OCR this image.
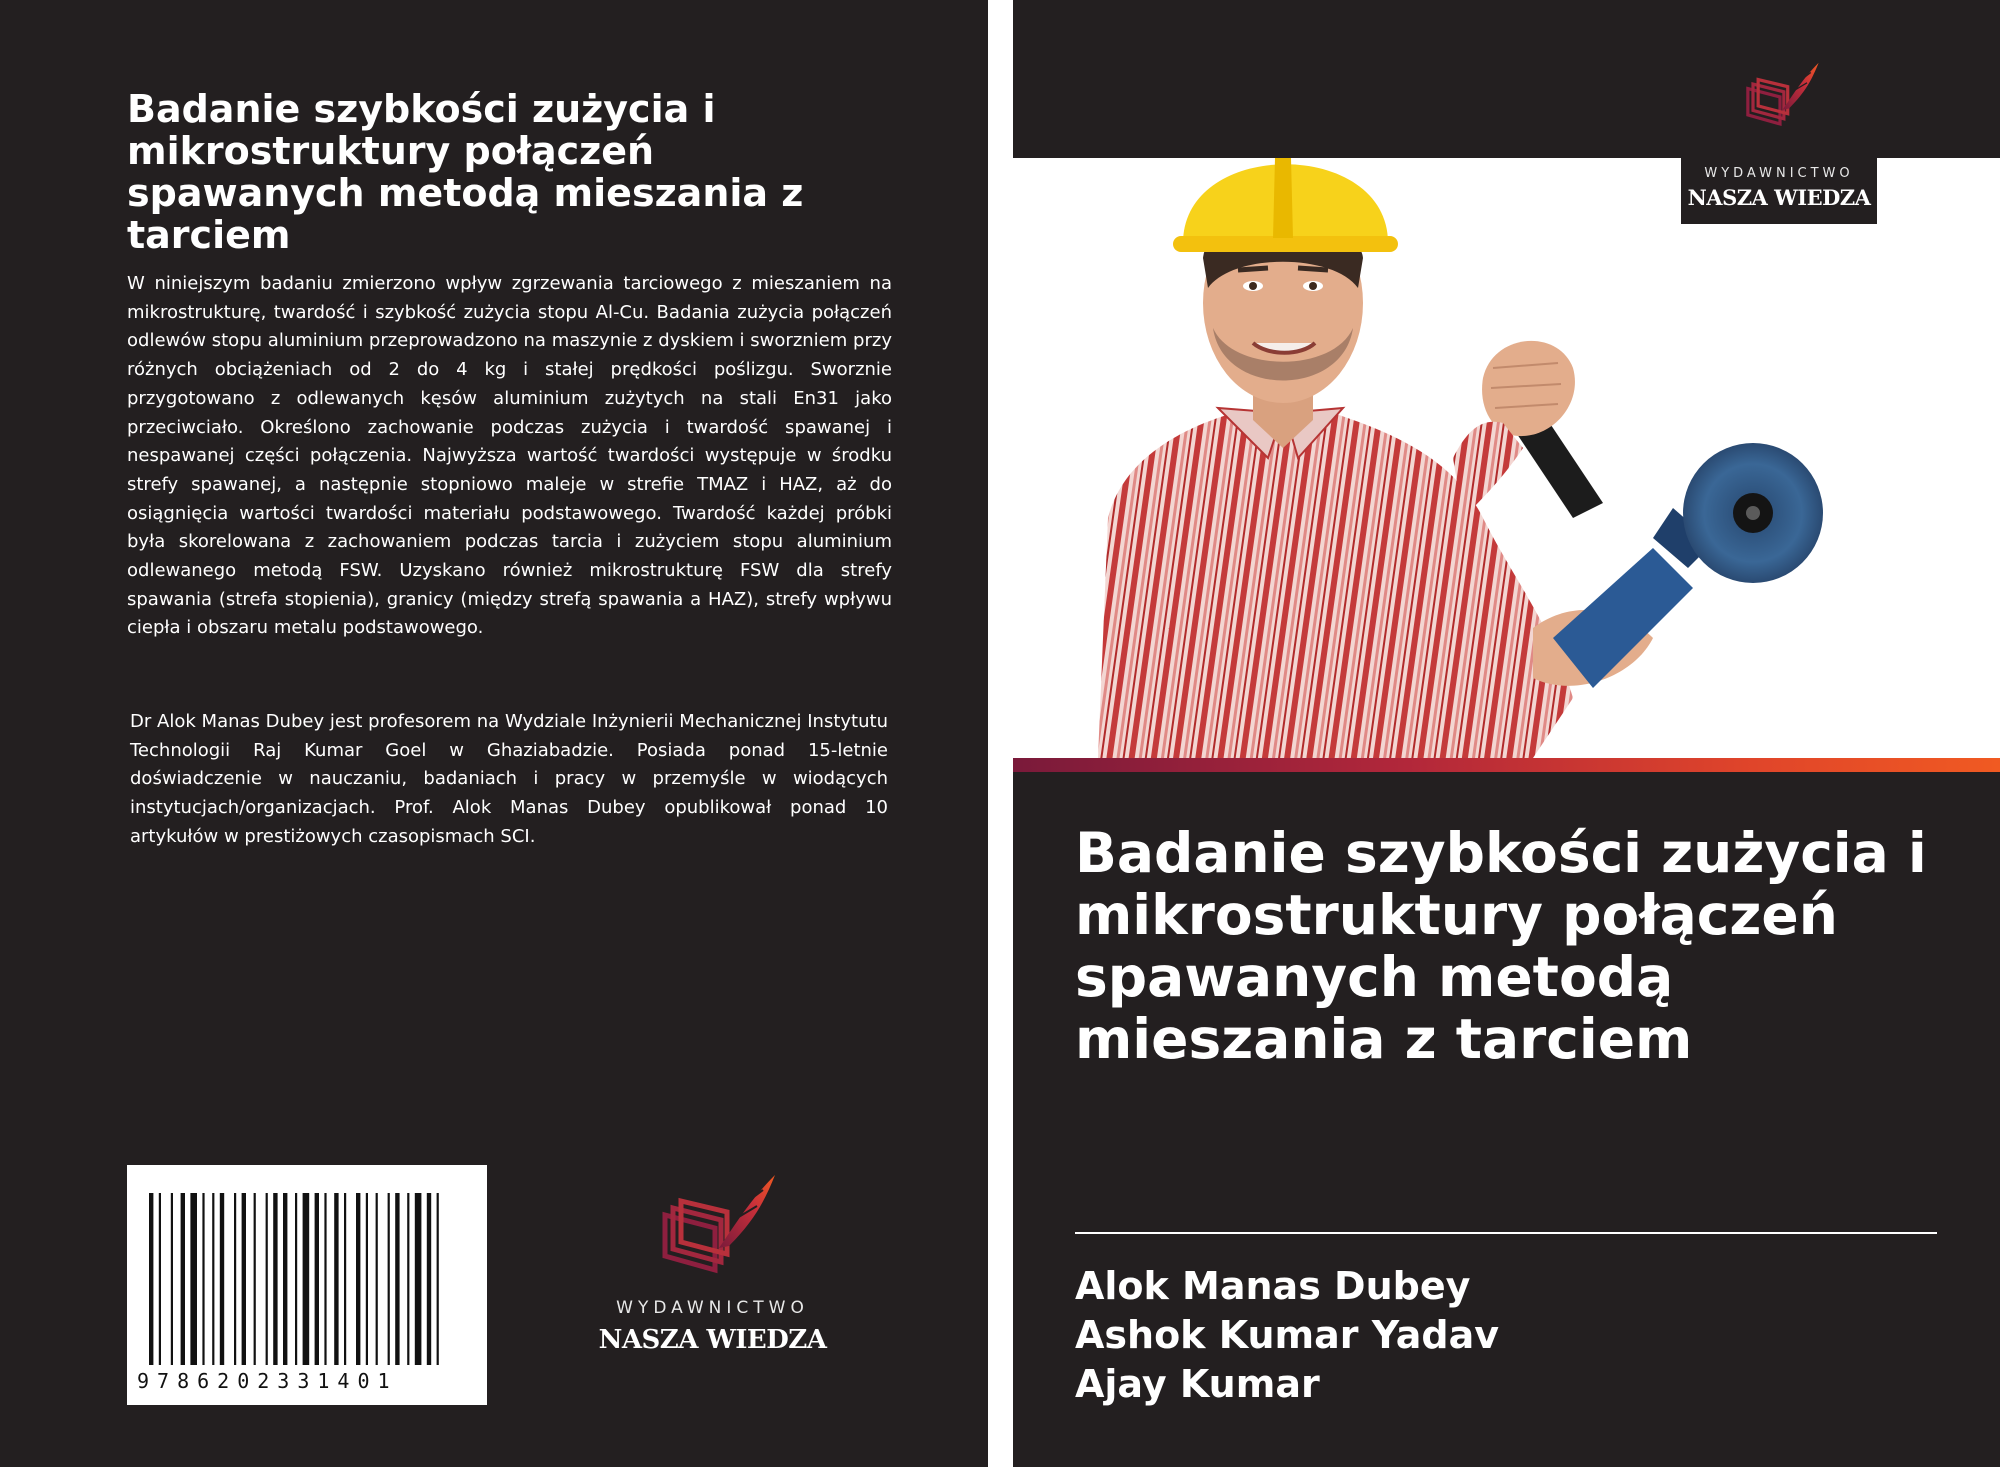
Badanie szybkości zużycia i mikrostruktury połączeń spawanych metodą mieszania z tarciem

W niniejszym badaniu zmierzono wpływ zgrzewania tarciowego z mieszaniem na mikrostrukturę, twardość i szybkość zużycia stopu Al-Cu. Badania zużycia połączeń odlewów stopu aluminium przeprowadzono na maszynie z dyskiem i sworzniem przy różnych obciążeniach od 2 do 4 kg i stałej prędkości poślizgu. Sworznie przygotowano z odlewanych kęsów aluminium zużytych na stali En31 jako przeciwciało. Określono zachowanie podczas zużycia i twardość spawanej i nespawanej części połączenia. Najwyższa wartość twardości występuje w środku strefy spawanej, a następnie stopniowo maleje w strefie TMAZ i HAZ, aż do osiągnięcia wartości twardości materiału podstawowego. Twardość każdej próbki była skorelowana z zachowaniem podczas tarcia i zużyciem stopu aluminium odlewanego metodą FSW. Uzyskano również mikrostrukturę FSW dla strefy spawania (strefa stopienia), granicy (między strefą spawania a HAZ), strefy wpływu ciepła i obszaru metalu podstawowego.

Dr Alok Manas Dubey jest profesorem na Wydziale Inżynierii Mechanicznej Instytutu Technologii Raj Kumar Goel w Ghaziabadzie. Posiada ponad 15-letnie doświadczenie w nauczaniu, badaniach i pracy w przemyśle w wiodących instytucjach/organizacjach. Prof. Alok Manas Dubey opublikował ponad 10 artykułów w prestiżowych czasopismach SCI.

9786202331401
WYDAWNICTWO
NASZA WIEDZA
WYDAWNICTWO
NASZA WIEDZA
Badanie szybkości zużycia i mikrostruktury połączeń spawanych metodą mieszania z tarciem
Alok Manas Dubey
Ashok Kumar Yadav
Ajay Kumar
